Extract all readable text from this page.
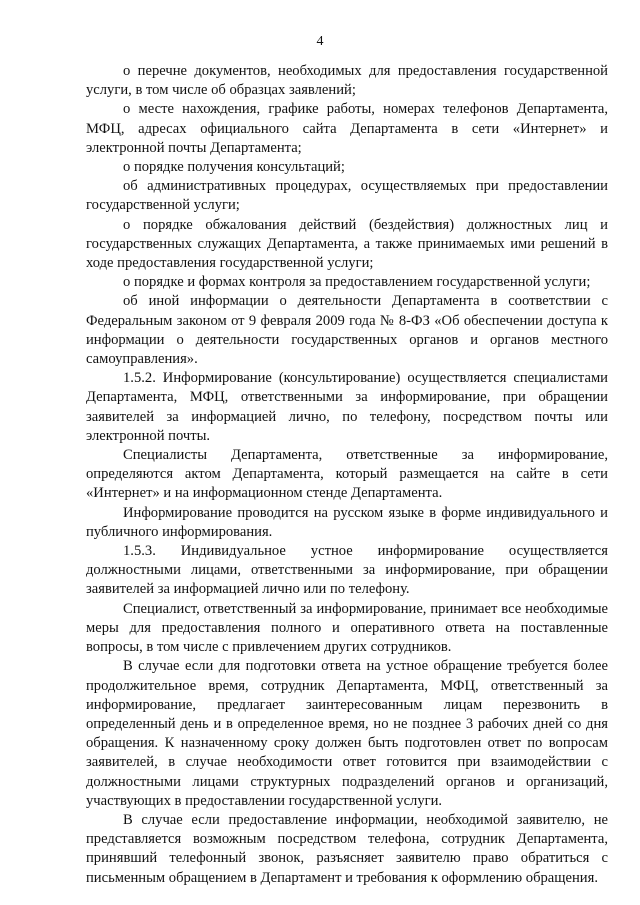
4

о перечне документов, необходимых для предоставления государственной услуги, в том числе об образцах заявлений;

о месте нахождения, графике работы, номерах телефонов Департамента, МФЦ, адресах официального сайта Департамента в сети «Интернет» и электронной почты Департамента;

о порядке получения консультаций;

об административных процедурах, осуществляемых при предоставлении государственной услуги;

о порядке обжалования действий (бездействия) должностных лиц и государственных служащих Департамента, а также принимаемых ими решений в ходе предоставления государственной услуги;

о порядке и формах контроля за предоставлением государственной услуги;

об иной информации о деятельности Департамента в соответствии с Федеральным законом от 9 февраля 2009 года № 8-ФЗ «Об обеспечении доступа к информации о деятельности государственных органов и органов местного самоуправления».

1.5.2. Информирование (консультирование) осуществляется специалистами Департамента, МФЦ, ответственными за информирование, при обращении заявителей за информацией лично, по телефону, посредством почты или электронной почты.

Специалисты Департамента, ответственные за информирование, определяются актом Департамента, который размещается на сайте в сети «Интернет» и на информационном стенде Департамента.

Информирование проводится на русском языке в форме индивидуального и публичного информирования.

1.5.3. Индивидуальное устное информирование осуществляется должностными лицами, ответственными за информирование, при обращении заявителей за информацией лично или по телефону.

Специалист, ответственный за информирование, принимает все необходимые меры для предоставления полного и оперативного ответа на поставленные вопросы, в том числе с привлечением других сотрудников.

В случае если для подготовки ответа на устное обращение требуется более продолжительное время, сотрудник Департамента, МФЦ, ответственный за информирование, предлагает заинтересованным лицам перезвонить в определенный день и в определенное время, но не позднее 3 рабочих дней со дня обращения. К назначенному сроку должен быть подготовлен ответ по вопросам заявителей, в случае необходимости ответ готовится при взаимодействии с должностными лицами структурных подразделений органов и организаций, участвующих в предоставлении государственной услуги.

В случае если предоставление информации, необходимой заявителю, не представляется возможным посредством телефона, сотрудник Департамента, принявший телефонный звонок, разъясняет заявителю право обратиться с письменным обращением в Департамент и требования к оформлению обращения.
